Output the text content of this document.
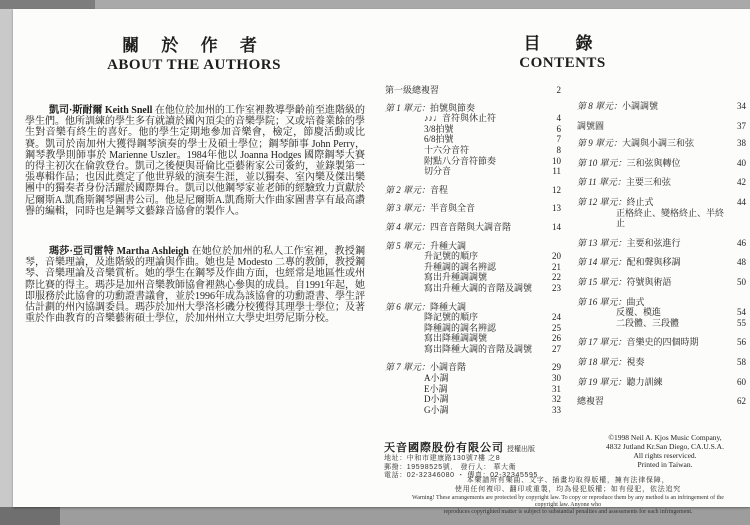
關 於 作 者
ABOUT THE AUTHORS

凱司·斯耐爾 Keith Snell 在他位於加州的工作室裡教導學齡前至進階級的學生們。他所訓練的學生多有就讀於國內頂尖的音樂學院；又或培養業餘的學生對音樂有終生的喜好。他的學生定期地參加音樂會，檢定，節慶活動或比賽。凱司於南加州大獲得鋼琴演奏的學士及碩士學位；鋼琴師事 John Perry，鋼琴教學則師事於 Marienne Uszler。1984年他以 Joanna Hodges 國際鋼琴大賽的得主初次在倫敦登台。凱司之後便與哥倫比亞藝術家公司簽約，並錄製第一張專輯作品；也因此奠定了他世界級的演奏生涯，並以獨奏、室內樂及傑出樂團中的獨奏者身份活躍於國際舞台。凱司以他鋼琴家並老師的經驗致力貢獻於尼爾斯A.凱喬斯鋼琴圖書公司。他是尼爾斯A.凱喬斯大作曲家圖書享有最高讚譽的編輯，同時也是鋼琴文藝錄音協會的製作人。

瑪莎·亞司雷特 Martha Ashleigh 在她位於加州的私人工作室裡，教授鋼琴，音樂理論，及進階級的理論與作曲。她也是 Modesto 二專的教師，教授鋼琴、音樂理論及音樂賞析。她的學生在鋼琴及作曲方面，也經常是地區性或州際比賽的得主。瑪莎是加州音樂教師協會裡熱心參與的成員。自1991年起，她即服務於此協會的功勳證書議會，並於1996年成為該協會的功勳證書、學生評估計劃的州內協調委員。瑪莎於加州大學洛杉磯分校獲得其理學士學位；及著重於作曲教育的音樂藝術碩士學位，於加州州立大學史坦勞尼斯分校。

目　錄
CONTENTS
第一級總複習	2
第 1 單元：拍號與節奏
♪♪♩音符與休止符	4
3/8拍號	6
6/8拍號	7
十六分音符	8
附點八分音符節奏	10
切分音	11
第 2 單元：音程	12
第 3 單元：半音與全音	13
第 4 單元：四音音階與大調音階	14
第 5 單元：升種大調
升記號的順序	20
升種調的調名辨認	21
寫出升種調調號	22
寫出升種大調的音階及調號	23
第 6 單元：降種大調
降記號的順序	24
降種調的調名辨認	25
寫出降種調調號	26
寫出降種大調的音階及調號	27
第 7 單元：小調音階	29
A小調	30
E小調	31
D小調	32
G小調	33
第 8 單元：小調調號	34
調號圖	37
第 9 單元：大調與小調三和弦	38
第 10 單元：三和弦與轉位	40
第 11 單元：主要三和弦	42
第 12 單元：終止式	44
正格終止、變格終止、半終止
第 13 單元：主要和弦進行	46
第 14 單元：配和聲與移調	48
第 15 單元：符號與術語	50
第 16 單元：曲式
反覆、模進	54
二段體、三段體	55
第 17 單元：音樂史的四個時期	56
第 18 單元：視奏	58
第 19 單元：聽力訓練	60
總複習	62
天音國際股份有限公司 授權出版
地址：中和市建康路130號7樓 之8
郵撥：19598525號． 發行人： 華大衛
電話：02-32346080 ・ 傳真：02-32345595
©1998 Neil A. Kjos Music Company,
4832 Jutland Kr.San Diego, CA.U.S.A.
All rights reserviced.
Printed in Taiwan.
本樂譜所有樂曲、文字、插畫均取得版權，擁有法律保障，
使用任何複印、翻印或重製，均為侵犯版權；如有侵犯，依法追究
Warning! These arrangements are protected by copyright law. To copy or reproduce them by any method is an infringement of the copyright law. Anyone who
reproduces copyrighted matter is subject to substantial penalties and assessments for each infringement.
